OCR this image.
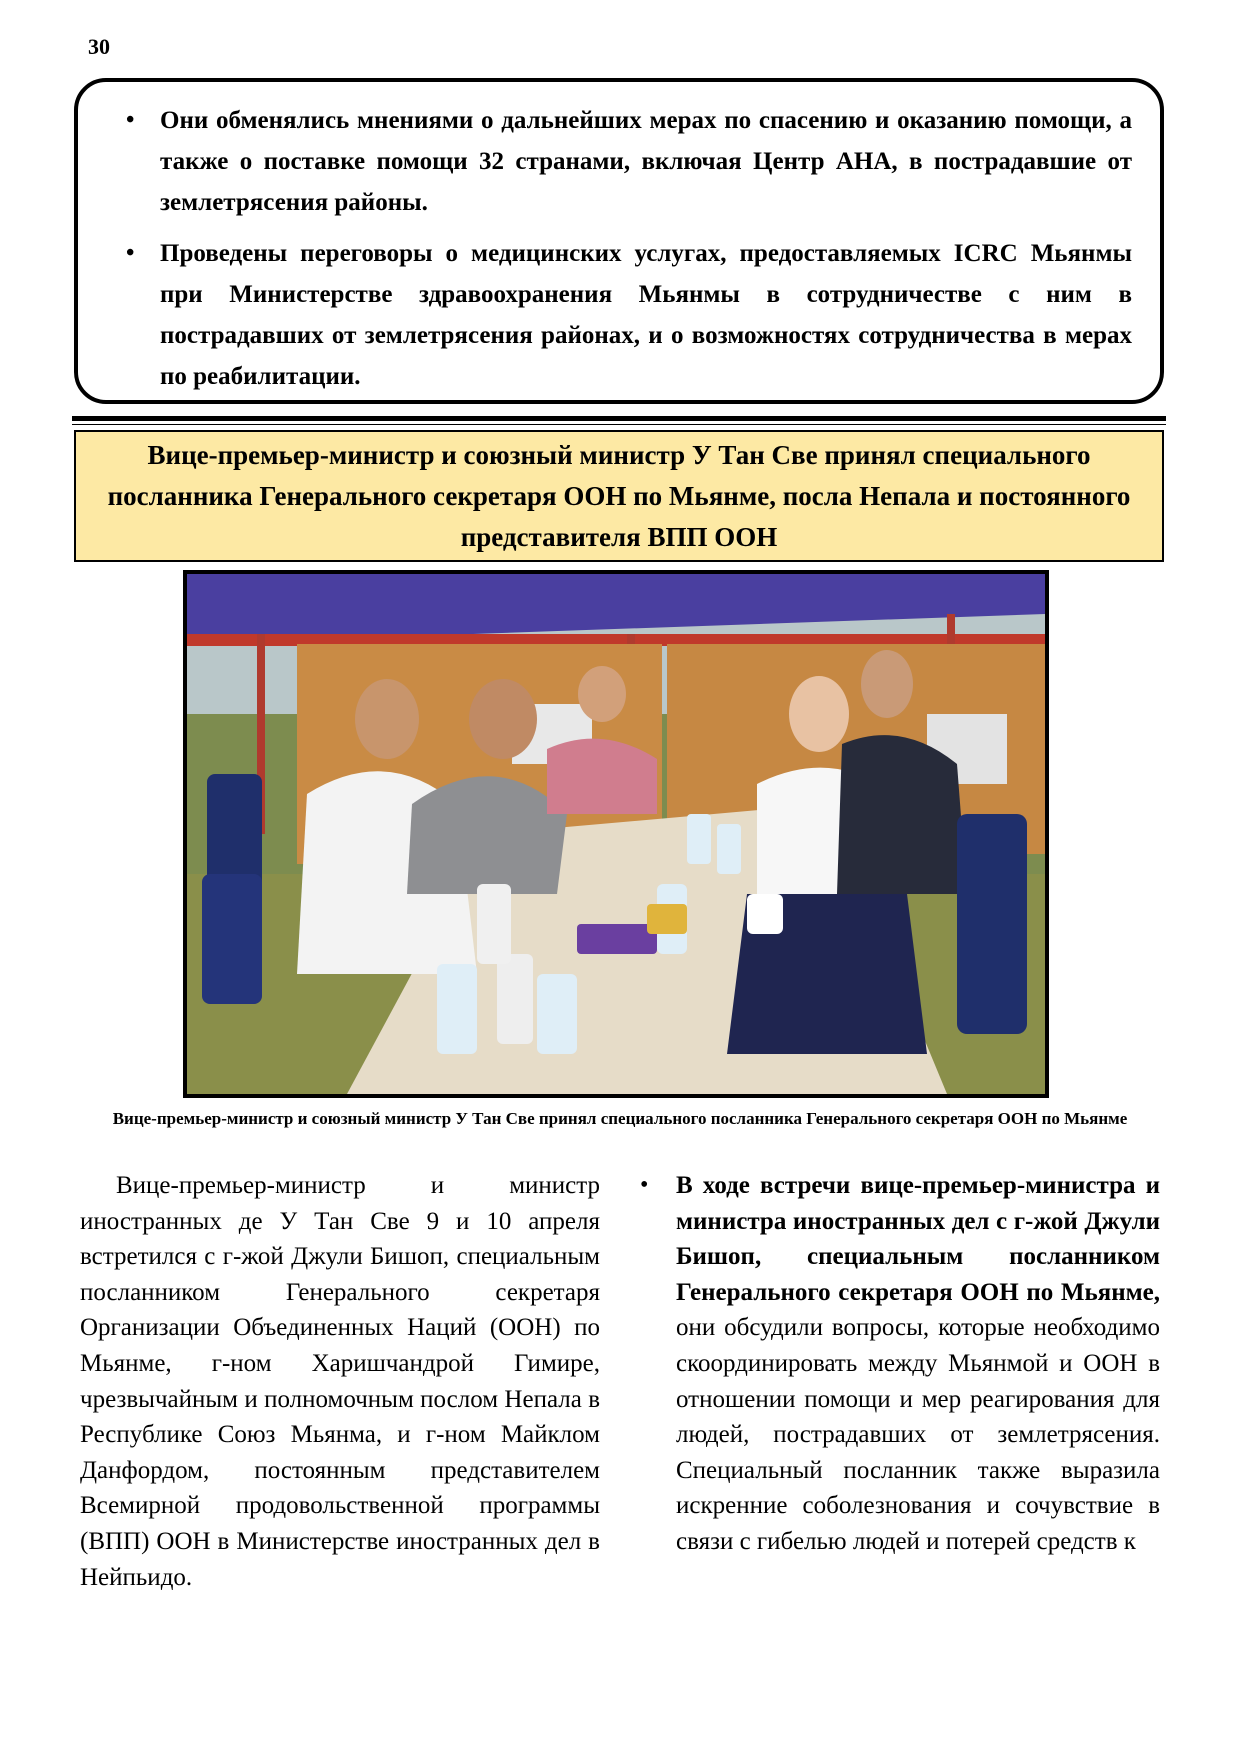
30
• Они обменялись мнениями о дальнейших мерах по спасению и оказанию помощи, а также о поставке помощи 32 странами, включая Центр АНА, в пострадавшие от землетрясения районы.
• Проведены переговоры о медицинских услугах, предоставляемых ICRC Мьянмы при Министерстве здравоохранения Мьянмы в сотрудничестве с ним в пострадавших от землетрясения районах, и о возможностях сотрудничества в мерах по реабилитации.
Вице-премьер-министр и союзный министр У Тан Све принял специального посланника Генерального секретаря ООН по Мьянме, посла Непала и постоянного представителя ВПП ООН
Вице-премьер-министр и союзный министр У Тан Све принял специального посланника Генерального секретаря ООН по Мьянме

Вице-премьер-министр и министр иностранных де У Тан Све 9 и 10 апреля встретился с г-жой Джули Бишоп, специальным посланником Генерального секретаря Организации Объединенных Наций (ООН) по Мьянме, г-ном Харишчандрой Гимире, чрезвычайным и полномочным послом Непала в Республике Союз Мьянма, и г-ном Майклом Данфордом, постоянным представителем Всемирной продовольственной программы (ВПП) ООН в Министерстве иностранных дел в Нейпьидо.

• В ходе встречи вице-премьер-министра и министра иностранных дел с г-жой Джули Бишоп, специальным посланником Генерального секретаря ООН по Мьянме, они обсудили вопросы, которые необходимо скоординировать между Мьянмой и ООН в отношении помощи и мер реагирования для людей, пострадавших от землетрясения. Специальный посланник также выразила искренние соболезнования и сочувствие в связи с гибелью людей и потерей средств к
